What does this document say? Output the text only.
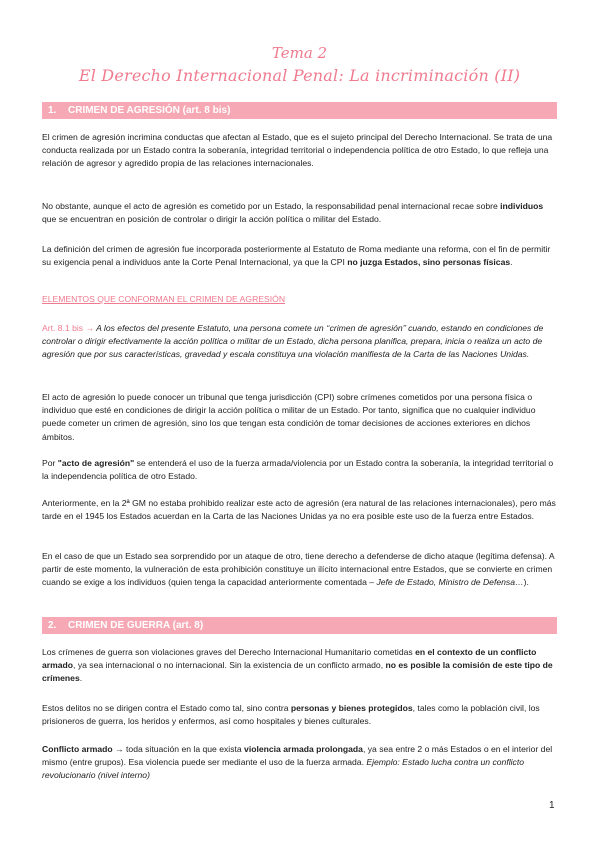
Tema 2
El Derecho Internacional Penal: La incriminación (II)
1. CRIMEN DE AGRESIÓN (art. 8 bis)
El crimen de agresión incrimina conductas que afectan al Estado, que es el sujeto principal del Derecho Internacional. Se trata de una conducta realizada por un Estado contra la soberanía, integridad territorial o independencia política de otro Estado, lo que refleja una relación de agresor y agredido propia de las relaciones internacionales.
No obstante, aunque el acto de agresión es cometido por un Estado, la responsabilidad penal internacional recae sobre individuos que se encuentran en posición de controlar o dirigir la acción política o militar del Estado.
La definición del crimen de agresión fue incorporada posteriormente al Estatuto de Roma mediante una reforma, con el fin de permitir su exigencia penal a individuos ante la Corte Penal Internacional, ya que la CPI no juzga Estados, sino personas físicas.
ELEMENTOS QUE CONFORMAN EL CRIMEN DE AGRESIÓN
Art. 8.1 bis → A los efectos del presente Estatuto, una persona comete un ‘‘crimen de agresión’’ cuando, estando en condiciones de controlar o dirigir efectivamente la acción política o militar de un Estado, dicha persona planifica, prepara, inicia o realiza un acto de agresión que por sus características, gravedad y escala constituya una violación manifiesta de la Carta de las Naciones Unidas.
El acto de agresión lo puede conocer un tribunal que tenga jurisdicción (CPI) sobre crímenes cometidos por una persona física o individuo que esté en condiciones de dirigir la acción política o militar de un Estado. Por tanto, significa que no cualquier individuo puede cometer un crimen de agresión, sino los que tengan esta condición de tomar decisiones de acciones exteriores en dichos ámbitos.
Por "acto de agresión" se entenderá el uso de la fuerza armada/violencia por un Estado contra la soberanía, la integridad territorial o la independencia política de otro Estado.
Anteriormente, en la 2ª GM no estaba prohibido realizar este acto de agresión (era natural de las relaciones internacionales), pero más tarde en el 1945 los Estados acuerdan en la Carta de las Naciones Unidas ya no era posible este uso de la fuerza entre Estados.
En el caso de que un Estado sea sorprendido por un ataque de otro, tiene derecho a defenderse de dicho ataque (legítima defensa). A partir de este momento, la vulneración de esta prohibición constituye un ilícito internacional entre Estados, que se convierte en crimen cuando se exige a los individuos (quien tenga la capacidad anteriormente comentada – Jefe de Estado, Ministro de Defensa…).
2. CRIMEN DE GUERRA (art. 8)
Los crímenes de guerra son violaciones graves del Derecho Internacional Humanitario cometidas en el contexto de un conflicto armado, ya sea internacional o no internacional. Sin la existencia de un conflicto armado, no es posible la comisión de este tipo de crímenes.
Estos delitos no se dirigen contra el Estado como tal, sino contra personas y bienes protegidos, tales como la población civil, los prisioneros de guerra, los heridos y enfermos, así como hospitales y bienes culturales.
Conflicto armado → toda situación en la que exista violencia armada prolongada, ya sea entre 2 o más Estados o en el interior del mismo (entre grupos). Esa violencia puede ser mediante el uso de la fuerza armada. Ejemplo: Estado lucha contra un conflicto revolucionario (nivel interno)
1
